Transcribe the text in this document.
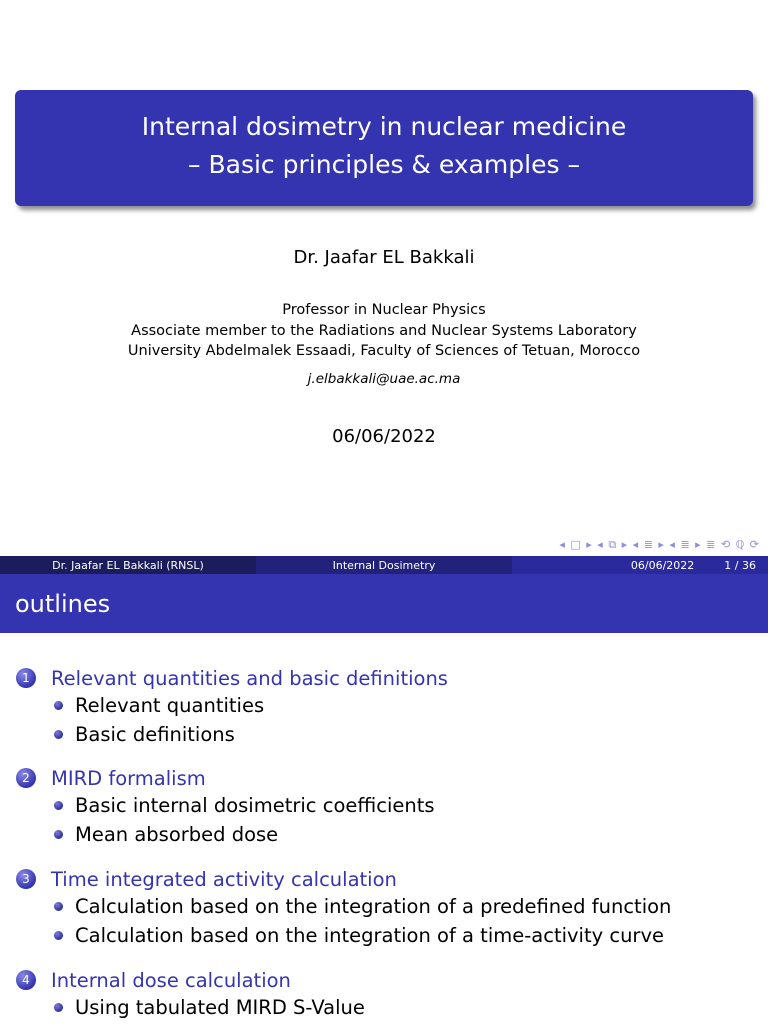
Internal dosimetry in nuclear medicine
– Basic principles & examples –
Dr. Jaafar EL Bakkali
Professor in Nuclear Physics
Associate member to the Radiations and Nuclear Systems Laboratory
University Abdelmalek Essaadi, Faculty of Sciences of Tetuan, Morocco
j.elbakkali@uae.ac.ma
06/06/2022
◂ □ ▸ ◂ ⧉ ▸ ◂ ≣ ▸ ◂ ≣ ▸ ≣ ⟲ ℚ ⟳
Dr. Jaafar EL Bakkali (RNSL)	Internal Dosimetry	06/06/2022	1 / 36
outlines
1	Relevant quantities and basic definitions
Relevant quantities
Basic definitions
2	MIRD formalism
Basic internal dosimetric coefficients
Mean absorbed dose
3	Time integrated activity calculation
Calculation based on the integration of a predefined function
Calculation based on the integration of a time-activity curve
4	Internal dose calculation
Using tabulated MIRD S-Value
